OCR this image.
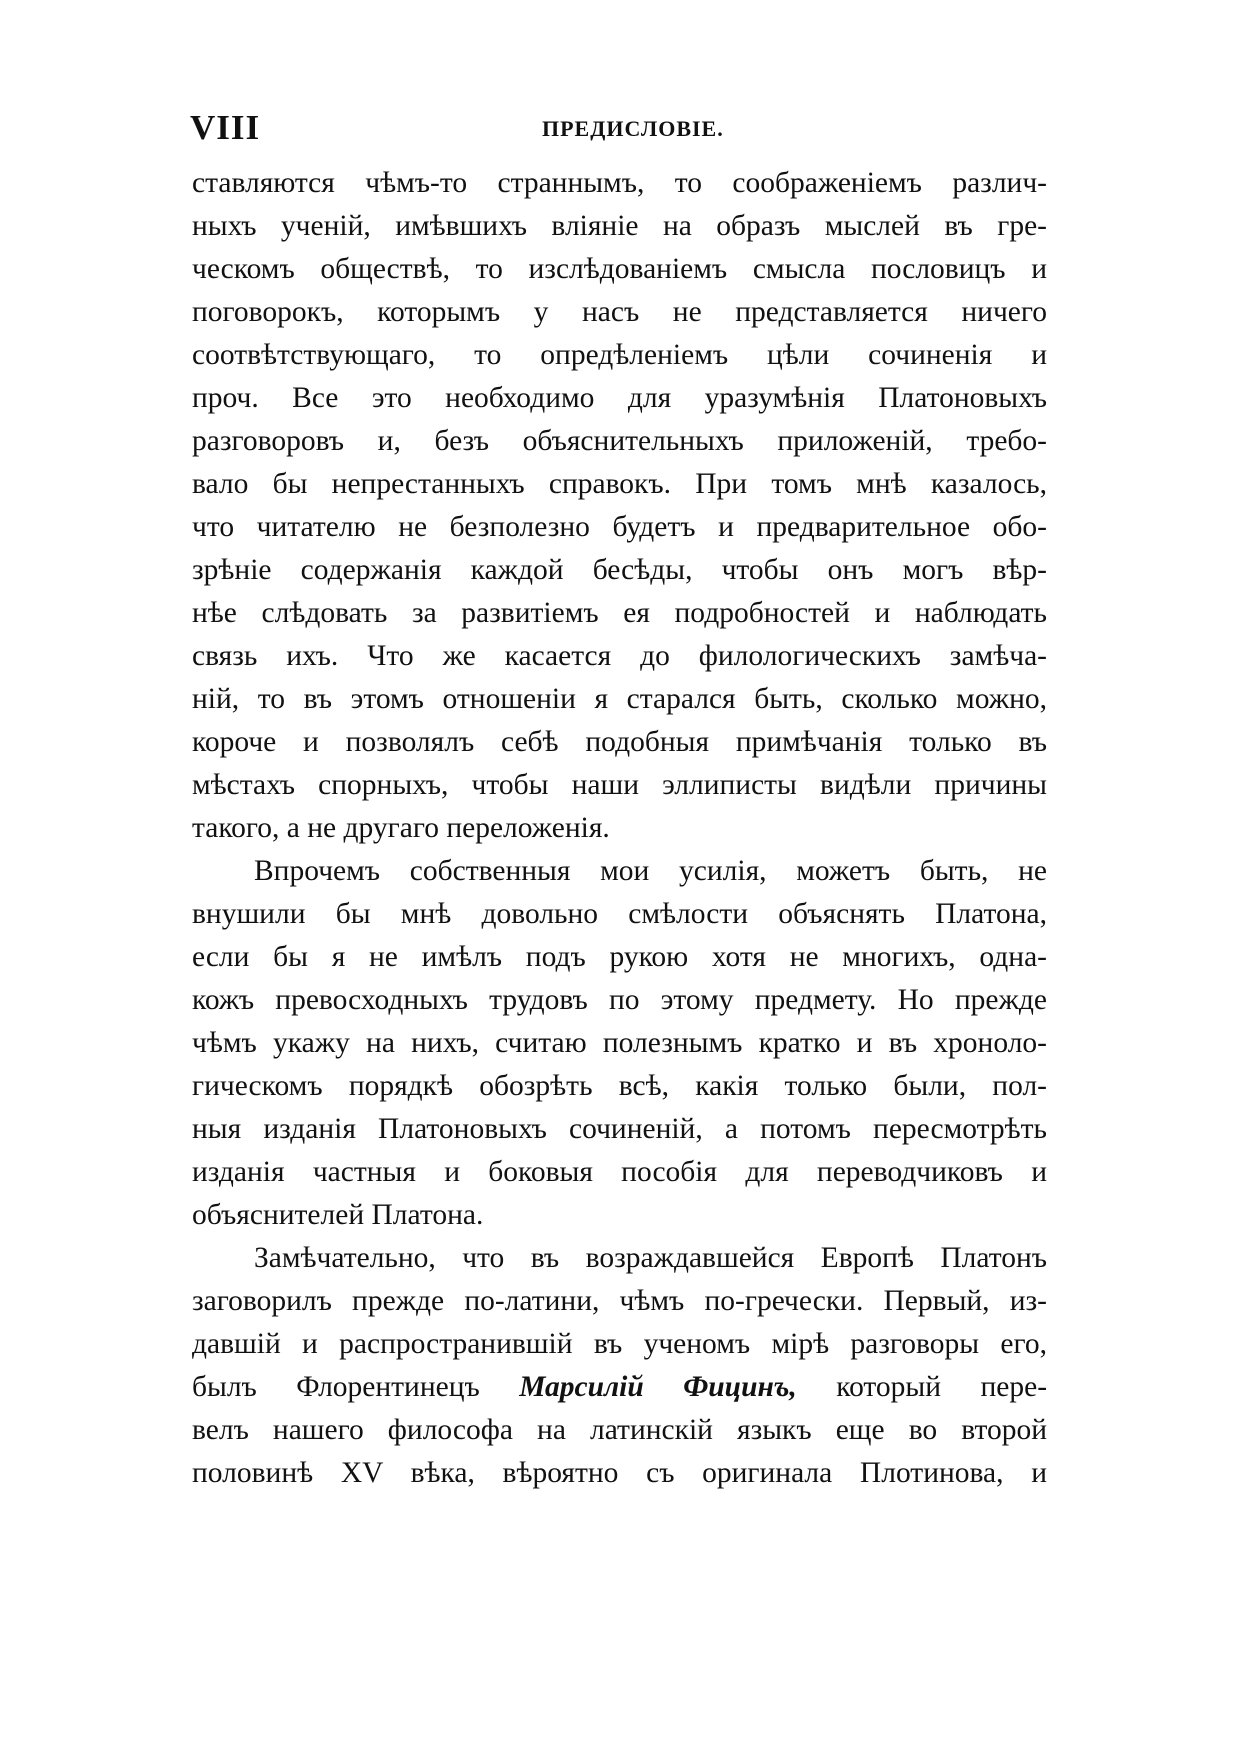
VIII	ПРЕДИСЛОВІЕ.
ставляются чѣмъ-то страннымъ, то соображеніемъ различ-
ныхъ ученій, имѣвшихъ вліяніе на образъ мыслей въ гре-
ческомъ обществѣ, то изслѣдованіемъ смысла пословицъ и
поговорокъ, которымъ у насъ не представляется ничего
соотвѣтствующаго, то опредѣленіемъ цѣли сочиненія и
проч. Все это необходимо для уразумѣнія Платоновыхъ
разговоровъ и, безъ объяснительныхъ приложеній, требо-
вало бы непрестанныхъ справокъ. При томъ мнѣ казалось,
что читателю не безполезно будетъ и предварительное обо-
зрѣніе содержанія каждой бесѣды, чтобы онъ могъ вѣр-
нѣе слѣдовать за развитіемъ ея подробностей и наблюдать
связь ихъ. Что же касается до филологическихъ замѣча-
ній, то въ этомъ отношеніи я старался быть, сколько можно,
короче и позволялъ себѣ подобныя примѣчанія только въ
мѣстахъ спорныхъ, чтобы наши эллиписты видѣли причины
такого, а не другаго переложенія.
Впрочемъ собственныя мои усилія, можетъ быть, не
внушили бы мнѣ довольно смѣлости объяснять Платона,
если бы я не имѣлъ подъ рукою хотя не многихъ, одна-
кожъ превосходныхъ трудовъ по этому предмету. Но прежде
чѣмъ укажу на нихъ, считаю полезнымъ кратко и въ хроноло-
гическомъ порядкѣ обозрѣть всѣ, какія только были, пол-
ныя изданія Платоновыхъ сочиненій, а потомъ пересмотрѣть
изданія частныя и боковыя пособія для переводчиковъ и
объяснителей Платона.
Замѣчательно, что въ возраждавшейся Европѣ Платонъ
заговорилъ прежде по-латини, чѣмъ по-гречески. Первый, из-
давшій и распространившій въ ученомъ мірѣ разговоры его,
былъ Флорентинецъ Марсилій Фицинъ, который пере-
велъ нашего философа на латинскій языкъ еще во второй
половинѣ XV вѣка, вѣроятно съ оригинала Плотинова, и
